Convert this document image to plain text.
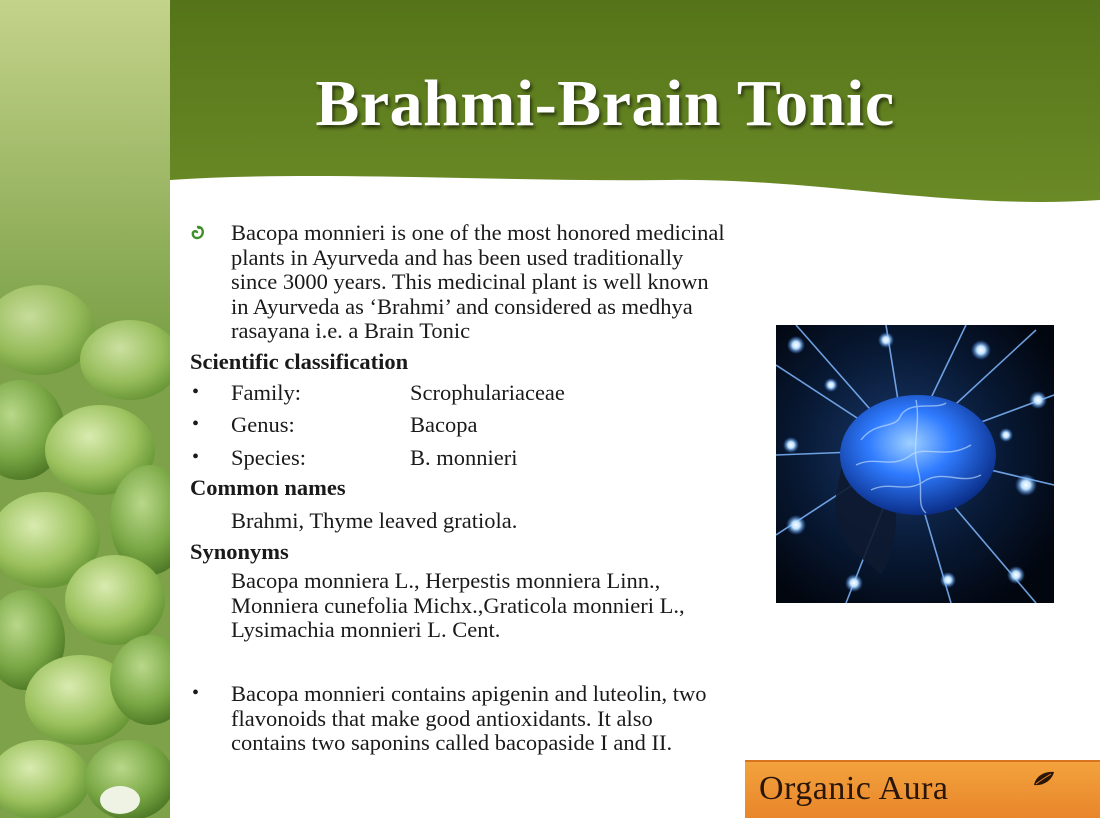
Brahmi-Brain Tonic
Bacopa monnieri is one of the most honored medicinal
plants in Ayurveda and has been used traditionally
since 3000 years. This medicinal plant is well known
in Ayurveda as ‘Brahmi’ and considered as medhya
rasayana i.e. a Brain Tonic

Scientific classification

• Family:	Scrophulariaceae

• Genus:	Bacopa

• Species:	B. monnieri

Common names

Brahmi, Thyme leaved gratiola.

Synonyms

Bacopa monniera L., Herpestis monniera Linn.,
Monniera cunefolia Michx.,Graticola monnieri L.,
Lysimachia monnieri L. Cent.
• Bacopa monnieri contains apigenin and luteolin, two
flavonoids that make good antioxidants. It also
contains two saponins called bacopaside I and II.
Organic Aura
